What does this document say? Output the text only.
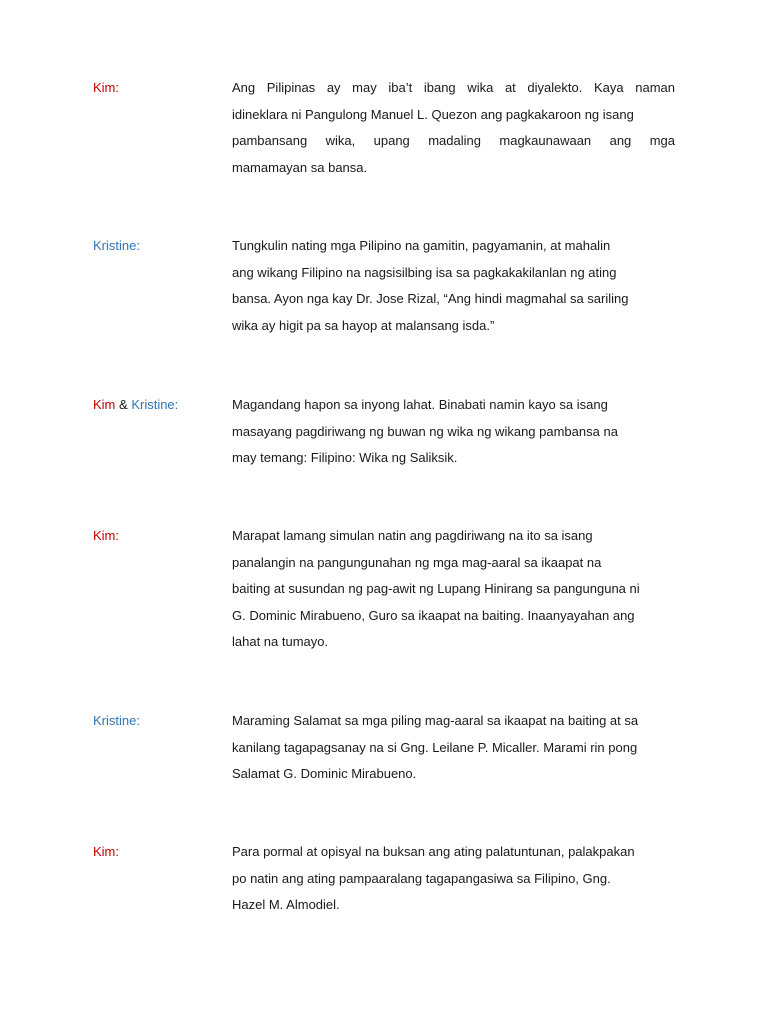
Kim:	Ang Pilipinas ay may iba’t ibang wika at diyalekto. Kaya naman
idineklara ni Pangulong Manuel L. Quezon ang pagkakaroon ng isang
pambansang wika, upang madaling magkaunawaan ang mga
mamamayan sa bansa.
Kristine:	Tungkulin nating mga Pilipino na gamitin, pagyamanin, at mahalin
ang wikang Filipino na nagsisilbing isa sa pagkakakilanlan ng ating
bansa. Ayon nga kay Dr. Jose Rizal, “Ang hindi magmahal sa sariling
wika ay higit pa sa hayop at malansang isda.”
Kim & Kristine:	Magandang hapon sa inyong lahat. Binabati namin kayo sa isang
masayang pagdiriwang ng buwan ng wika ng wikang pambansa na
may temang: Filipino: Wika ng Saliksik.
Kim:	Marapat lamang simulan natin ang pagdiriwang na ito sa isang
panalangin na pangungunahan ng mga mag-aaral sa ikaapat na
baiting at susundan ng pag-awit ng Lupang Hinirang sa pangunguna ni
G. Dominic Mirabueno, Guro sa ikaapat na baiting. Inaanyayahan ang
lahat na tumayo.
Kristine:	Maraming Salamat sa mga piling mag-aaral sa ikaapat na baiting at sa
kanilang tagapagsanay na si Gng. Leilane P. Micaller. Marami rin pong
Salamat G. Dominic Mirabueno.
Kim:	Para pormal at opisyal na buksan ang ating palatuntunan, palakpakan
po natin ang ating pampaaralang tagapangasiwa sa Filipino, Gng.
Hazel M. Almodiel.
